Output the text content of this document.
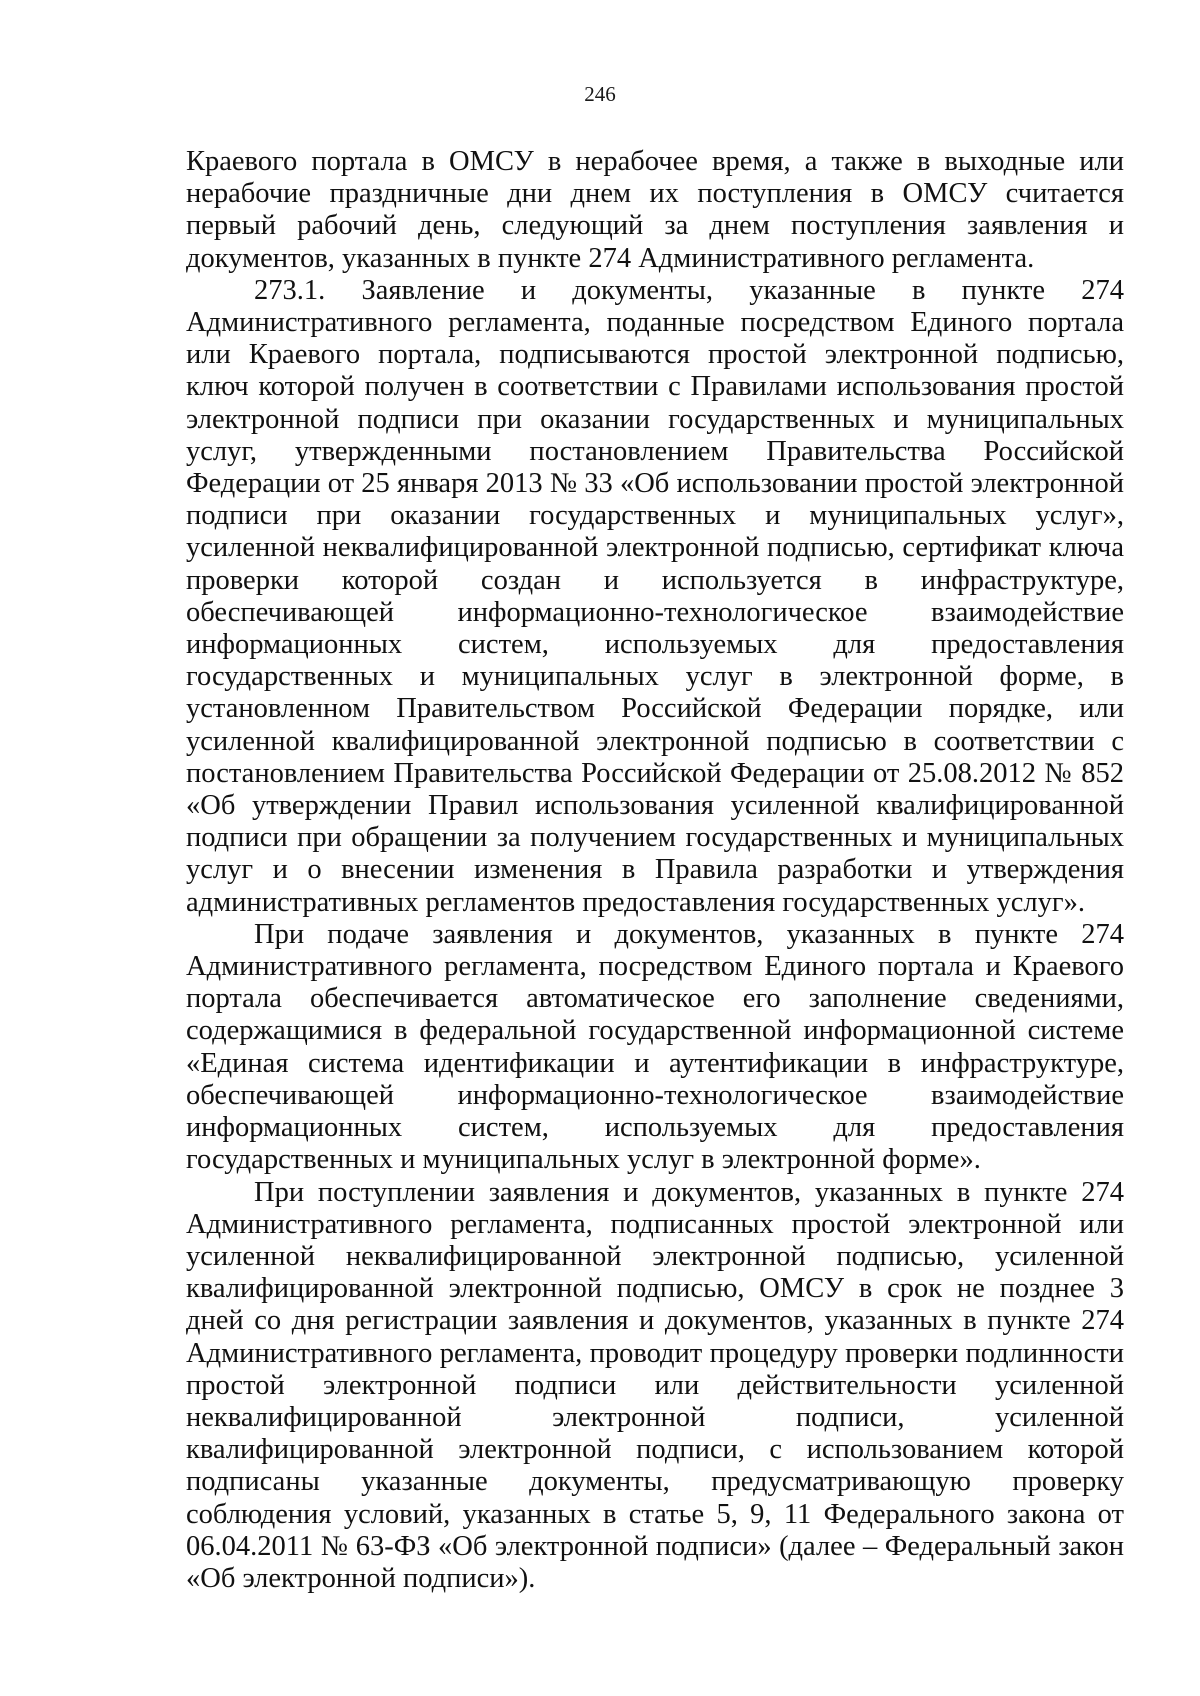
246

Краевого портала в ОМСУ в нерабочее время, а также в выходные или нерабочие праздничные дни днем их поступления в ОМСУ считается первый рабочий день, следующий за днем поступления заявления и документов, указанных в пункте 274 Административного регламента.

273.1. Заявление и документы, указанные в пункте 274 Административного регламента, поданные посредством Единого портала или Краевого портала, подписываются простой электронной подписью, ключ которой получен в соответствии с Правилами использования простой электронной подписи при оказании государственных и муниципальных услуг, утвержденными постановлением Правительства Российской Федерации от 25 января 2013 № 33 «Об использовании простой электронной подписи при оказании государственных и муниципальных услуг», усиленной неквалифицированной электронной подписью, сертификат ключа проверки которой создан и используется в инфраструктуре, обеспечивающей информационно-технологическое взаимодействие информационных систем, используемых для предоставления государственных и муниципальных услуг в электронной форме, в установленном Правительством Российской Федерации порядке, или усиленной квалифицированной электронной подписью в соответствии с постановлением Правительства Российской Федерации от 25.08.2012 № 852 «Об утверждении Правил использования усиленной квалифицированной подписи при обращении за получением государственных и муниципальных услуг и о внесении изменения в Правила разработки и утверждения административных регламентов предоставления государственных услуг».

При подаче заявления и документов, указанных в пункте 274 Административного регламента, посредством Единого портала и Краевого портала обеспечивается автоматическое его заполнение сведениями, содержащимися в федеральной государственной информационной системе «Единая система идентификации и аутентификации в инфраструктуре, обеспечивающей информационно-технологическое взаимодействие информационных систем, используемых для предоставления государственных и муниципальных услуг в электронной форме».

При поступлении заявления и документов, указанных в пункте 274 Административного регламента, подписанных простой электронной или усиленной неквалифицированной электронной подписью, усиленной квалифицированной электронной подписью, ОМСУ в срок не позднее 3 дней со дня регистрации заявления и документов, указанных в пункте 274 Административного регламента, проводит процедуру проверки подлинности простой электронной подписи или действительности усиленной неквалифицированной электронной подписи, усиленной квалифицированной электронной подписи, с использованием которой подписаны указанные документы, предусматривающую проверку соблюдения условий, указанных в статье 5, 9, 11 Федерального закона от 06.04.2011 № 63-ФЗ «Об электронной подписи» (далее – Федеральный закон «Об электронной подписи»).
